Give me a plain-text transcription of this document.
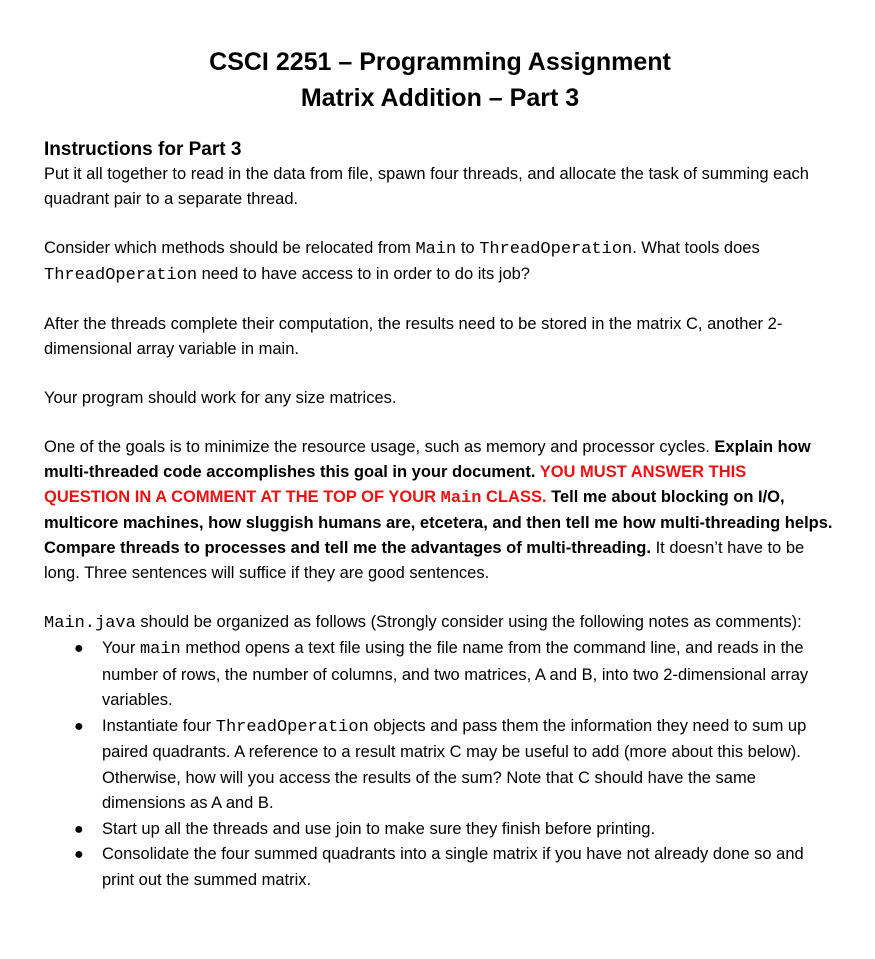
CSCI 2251 – Programming Assignment
Matrix Addition – Part 3
Instructions for Part 3

Put it all together to read in the data from file, spawn four threads, and allocate the task of summing each quadrant pair to a separate thread.

Consider which methods should be relocated from Main to ThreadOperation. What tools does ThreadOperation need to have access to in order to do its job?

After the threads complete their computation, the results need to be stored in the matrix C, another 2-dimensional array variable in main.

Your program should work for any size matrices.

One of the goals is to minimize the resource usage, such as memory and processor cycles. Explain how multi-threaded code accomplishes this goal in your document. YOU MUST ANSWER THIS QUESTION IN A COMMENT AT THE TOP OF YOUR Main CLASS. Tell me about blocking on I/O, multicore machines, how sluggish humans are, etcetera, and then tell me how multi-threading helps. Compare threads to processes and tell me the advantages of multi-threading. It doesn’t have to be long. Three sentences will suffice if they are good sentences.

Main.java should be organized as follows (Strongly consider using the following notes as comments):

● Your main method opens a text file using the file name from the command line, and reads in the number of rows, the number of columns, and two matrices, A and B, into two 2-dimensional array variables.
● Instantiate four ThreadOperation objects and pass them the information they need to sum up paired quadrants. A reference to a result matrix C may be useful to add (more about this below). Otherwise, how will you access the results of the sum? Note that C should have the same dimensions as A and B.
● Start up all the threads and use join to make sure they finish before printing.
● Consolidate the four summed quadrants into a single matrix if you have not already done so and print out the summed matrix.
